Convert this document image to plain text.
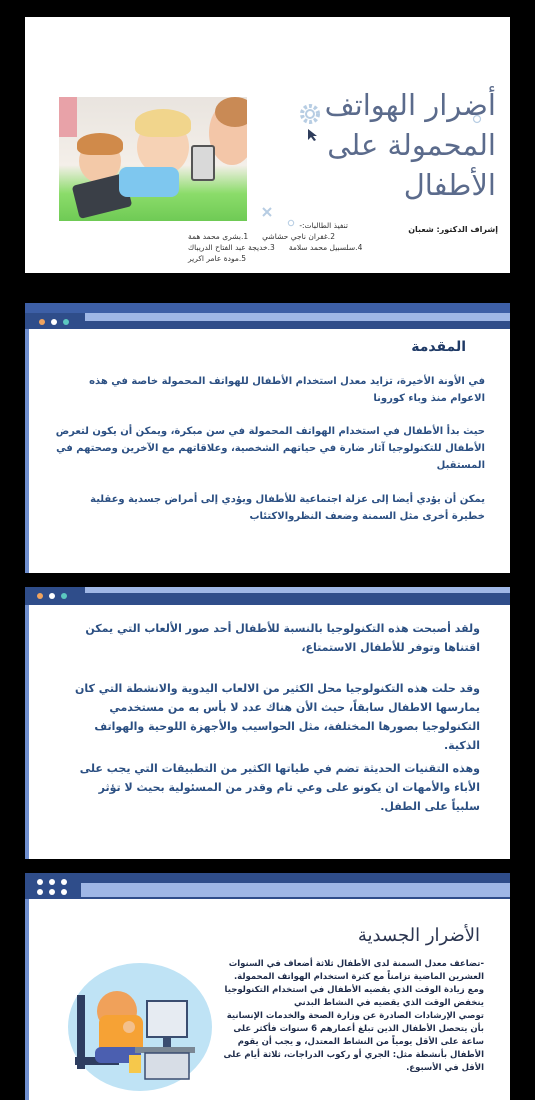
أضرار الهواتف المحمولة على الأطفال
إشراف الدكتور: شعبان
تنفيذ الطالبات:-
1.بشرى محمد همة 2.غفران ناجي حشاشي
3.خديجة عبد الفتاح الدريباك 4.سلسبيل محمد سلامة
5.مودة عامر اكرير
المقدمة
في الأونة الأخيرة، تزايد معدل استخدام الأطفال للهواتف المحمولة خاصة في هذه الاعوام منذ وباء كورونا
حيث بدأ الأطفال في استخدام الهواتف المحمولة في سن مبكرة، ويمكن أن يكون لتعرض الأطفال للتكنولوجيا آثار ضارة في حياتهم الشخصية، وعلاقاتهم مع الآخرين وصحتهم في المستقبل
يمكن أن يؤدي أيضا إلى عزلة اجتماعية للأطفال ويؤدي إلى أمراض جسدية وعقلية خطيرة أخرى مثل السمنة وضعف النظروالاكتئاب
ولقد أصبحت هذه التكنولوجيا بالنسبة للأطفال أحد صور الألعاب التي يمكن اقتناها وتوفر للأطفال الاستمتاع،
وقد حلت هذه التكنولوجيا محل الكثير من الالعاب اليدوية والانشطة التي كان يمارسها الاطفال سابقاً، حيث الأن هناك عدد لا بأس به من مستخدمي التكنولوجيا بصورها المختلفة، مثل الحواسيب والأجهزة اللوحية والهواتف الذكية.
وهذه التقنيات الحديثة تضم في طياتها الكثير من التطبيقات التي يجب على الأباء والأمهات ان يكونو على وعي تام وقدر من المسئولية بحيث لا تؤثر سلبياً على الطفل.
الأضرار الجسدية
-تضاعف معدل السمنة لدى الأطفال ثلاثة أضعاف في السنوات العشرين الماضية تزامناً مع كثرة استخدام الهواتف المحمولة.
ومع زيادة الوقت الذي يقضيه الأطفال في استخدام التكنولوجيا ينخفض الوقت الذي يقضيه في النشاط البدني
توصي الإرشادات الصادرة عن وزارة الصحة والخدمات الإنسانية بأن يتحصل الأطفال الذين تبلغ أعمارهم 6 سنوات فأكثر على ساعة على الأقل يومياً من النشاط المعتدل، و يجب أن يقوم الأطفال بأنشطة مثل: الجري أو ركوب الدراجات، ثلاثة أيام على الأقل في الأسبوع.
